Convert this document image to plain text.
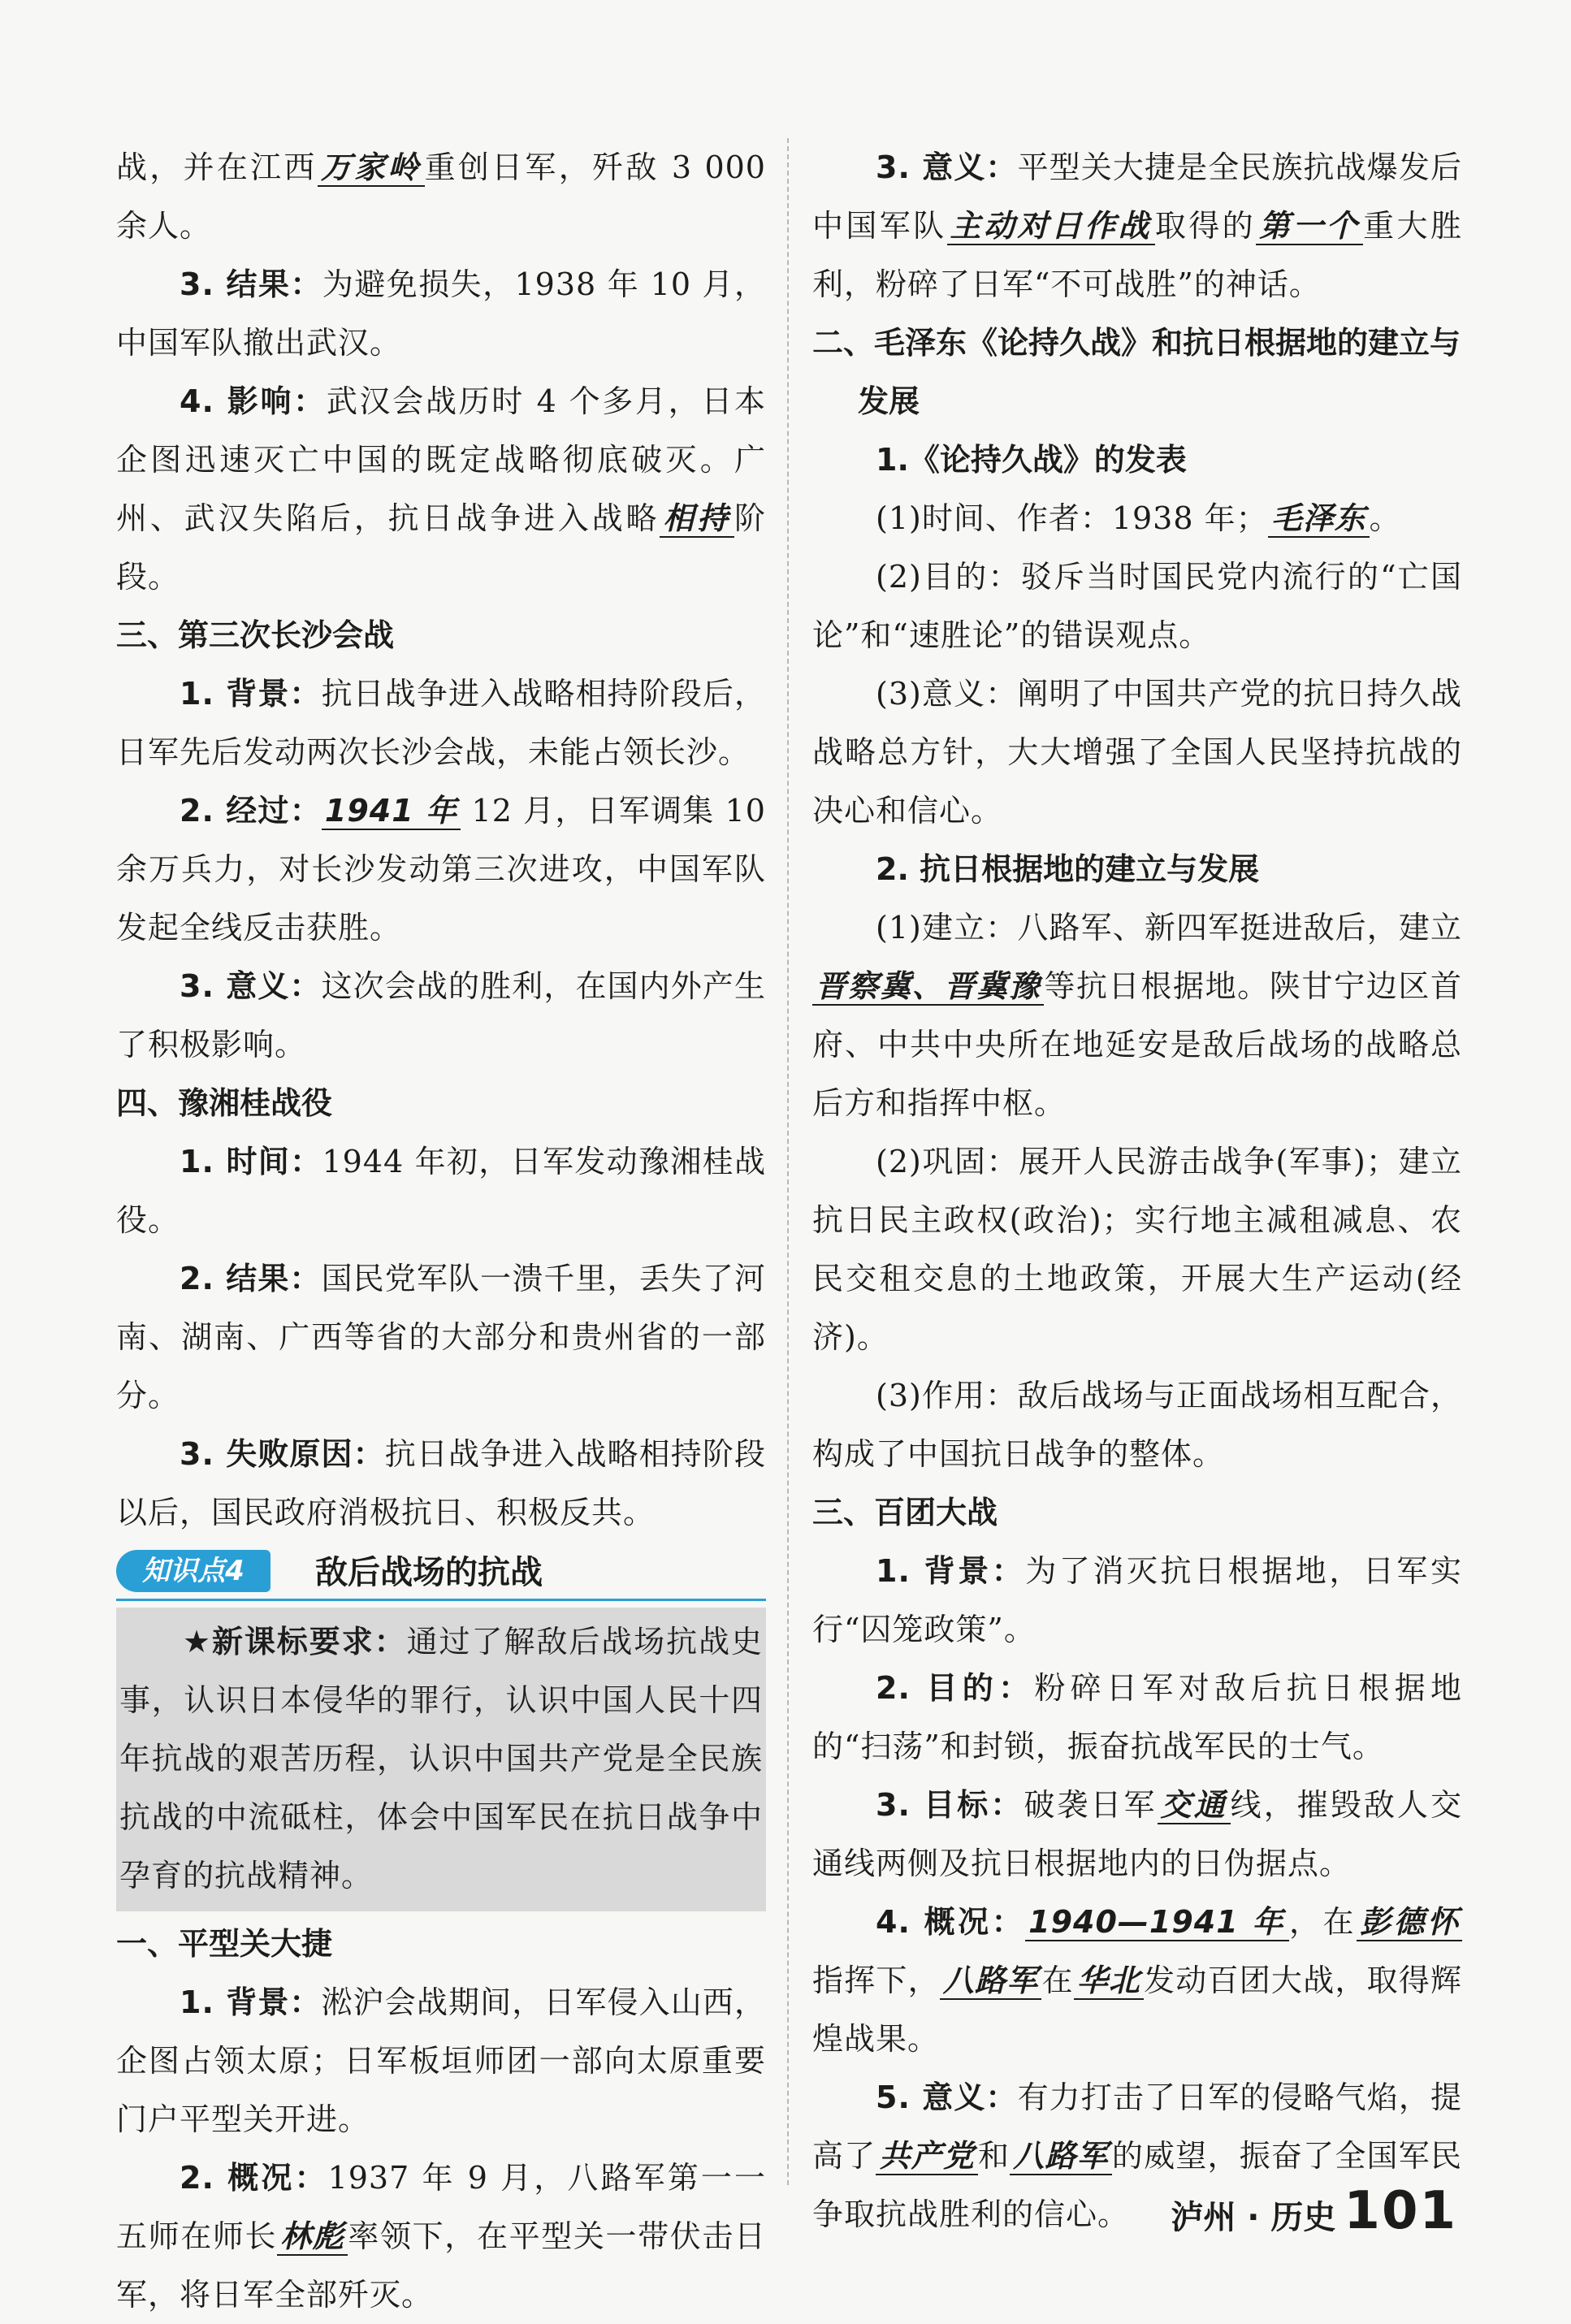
战，并在江西 万家岭 重创日军，歼敌 3 000 余人。

3. 结果：为避免损失，1938 年 10 月，中国军队撤出武汉。

4. 影响：武汉会战历时 4 个多月，日本企图迅速灭亡中国的既定战略彻底破灭。广州、武汉失陷后，抗日战争进入战略 相持 阶段。

三、第三次长沙会战

1. 背景：抗日战争进入战略相持阶段后，日军先后发动两次长沙会战，未能占领长沙。

2. 经过： 1941 年 12 月，日军调集 10 余万兵力，对长沙发动第三次进攻，中国军队发起全线反击获胜。

3. 意义：这次会战的胜利，在国内外产生了积极影响。

四、豫湘桂战役

1. 时间：1944 年初，日军发动豫湘桂战役。

2. 结果：国民党军队一溃千里，丢失了河南、湖南、广西等省的大部分和贵州省的一部分。

3. 失败原因：抗日战争进入战略相持阶段以后，国民政府消极抗日、积极反共。

知识点4	敌后战场的抗战

★新课标要求：通过了解敌后战场抗战史事，认识日本侵华的罪行，认识中国人民十四年抗战的艰苦历程，认识中国共产党是全民族抗战的中流砥柱，体会中国军民在抗日战争中孕育的抗战精神。

一、平型关大捷

1. 背景：淞沪会战期间，日军侵入山西，企图占领太原；日军板垣师团一部向太原重要门户平型关开进。

2. 概况：1937 年 9 月，八路军第一一五师在师长 林彪 率领下，在平型关一带伏击日军，将日军全部歼灭。

3. 意义：平型关大捷是全民族抗战爆发后中国军队 主动对日作战 取得的 第一个 重大胜利，粉碎了日军“不可战胜”的神话。

二、毛泽东《论持久战》和抗日根据地的建立与发展

1.《论持久战》的发表

(1)时间、作者：1938 年； 毛泽东 。

(2)目的：驳斥当时国民党内流行的“亡国论”和“速胜论”的错误观点。

(3)意义：阐明了中国共产党的抗日持久战战略总方针，大大增强了全国人民坚持抗战的决心和信心。

2. 抗日根据地的建立与发展

(1)建立：八路军、新四军挺进敌后，建立晋察冀、晋冀豫 等抗日根据地。陕甘宁边区首府、中共中央所在地延安是敌后战场的战略总后方和指挥中枢。

(2)巩固：展开人民游击战争(军事)；建立抗日民主政权(政治)；实行地主减租减息、农民交租交息的土地政策，开展大生产运动(经济)。

(3)作用：敌后战场与正面战场相互配合，构成了中国抗日战争的整体。

三、百团大战

1. 背景：为了消灭抗日根据地，日军实行“囚笼政策”。

2. 目的：粉碎日军对敌后抗日根据地的“扫荡”和封锁，振奋抗战军民的士气。

3. 目标：破袭日军 交通 线，摧毁敌人交通线两侧及抗日根据地内的日伪据点。

4. 概况： 1940—1941 年 ，在 彭德怀指挥下， 八路军 在 华北 发动百团大战，取得辉煌战果。

5. 意义：有力打击了日军的侵略气焰，提高了 共产党 和 八路军 的威望，振奋了全国军民争取抗战胜利的信心。	泸州 · 历史 101
